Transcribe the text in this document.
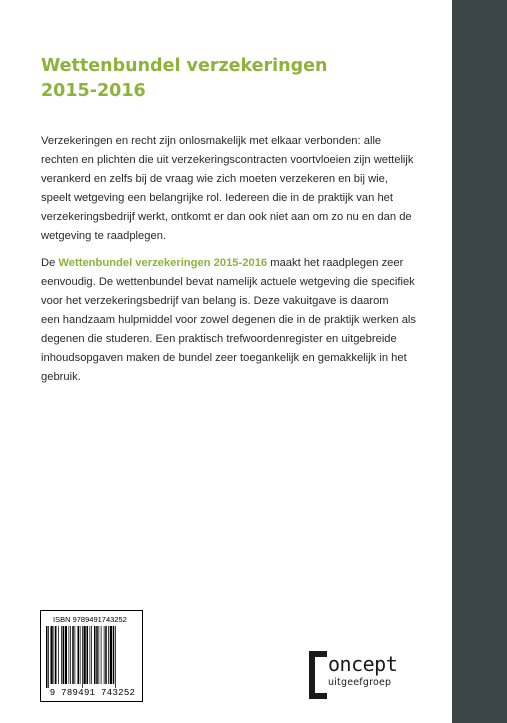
Wettenbundel verzekeringen
2015-2016
Verzekeringen en recht zijn onlosmakelijk met elkaar verbonden: alle
rechten en plichten die uit verzekeringscontracten voortvloeien zijn wettelijk
verankerd en zelfs bij de vraag wie zich moeten verzekeren en bij wie,
speelt wetgeving een belangrijke rol. Iedereen die in de praktijk van het
verzekeringsbedrijf werkt, ontkomt er dan ook niet aan om zo nu en dan de
wetgeving te raadplegen.
De Wettenbundel verzekeringen 2015-2016 maakt het raadplegen zeer
eenvoudig. De wettenbundel bevat namelijk actuele wetgeving die specifiek
voor het verzekeringsbedrijf van belang is. Deze vakuitgave is daarom
een handzaam hulpmiddel voor zowel degenen die in de praktijk werken als
degenen die studeren. Een praktisch trefwoordenregister en uitgebreide
inhoudsopgaven maken de bundel zeer toegankelijk en gemakkelijk in het
gebruik.
ISBN 9789491743252
9 789491 743252
oncept
uitgeefgroep
